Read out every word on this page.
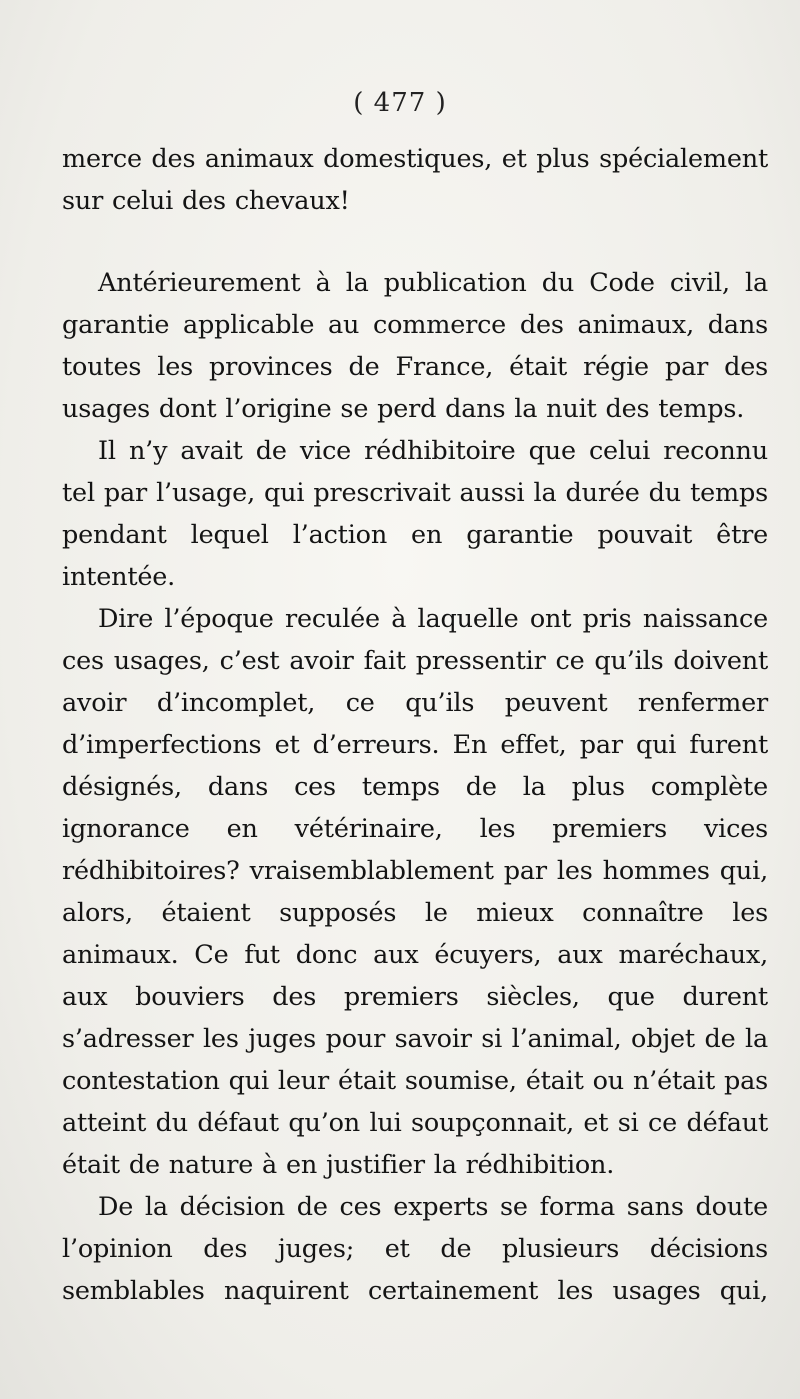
( 477 )

merce des animaux domestiques, et plus spécialement sur celui des chevaux!

Antérieurement à la publication du Code civil, la garantie applicable au commerce des animaux, dans toutes les provinces de France, était régie par des usages dont l’origine se perd dans la nuit des temps.

Il n’y avait de vice rédhibitoire que celui reconnu tel par l’usage, qui prescrivait aussi la durée du temps pendant lequel l’action en garantie pouvait être intentée.

Dire l’époque reculée à laquelle ont pris naissance ces usages, c’est avoir fait pressentir ce qu’ils doivent avoir d’incomplet, ce qu’ils peuvent renfermer d’imperfections et d’erreurs. En effet, par qui furent désignés, dans ces temps de la plus complète ignorance en vétérinaire, les premiers vices rédhibitoires? vraisemblablement par les hommes qui, alors, étaient supposés le mieux connaître les animaux. Ce fut donc aux écuyers, aux maréchaux, aux bouviers des premiers siècles, que durent s’adresser les juges pour savoir si l’animal, objet de la contestation qui leur était soumise, était ou n’était pas atteint du défaut qu’on lui soupçonnait, et si ce défaut était de nature à en justifier la rédhibition.

De la décision de ces experts se forma sans doute l’opinion des juges; et de plusieurs décisions semblables naquirent certainement les usages qui,
